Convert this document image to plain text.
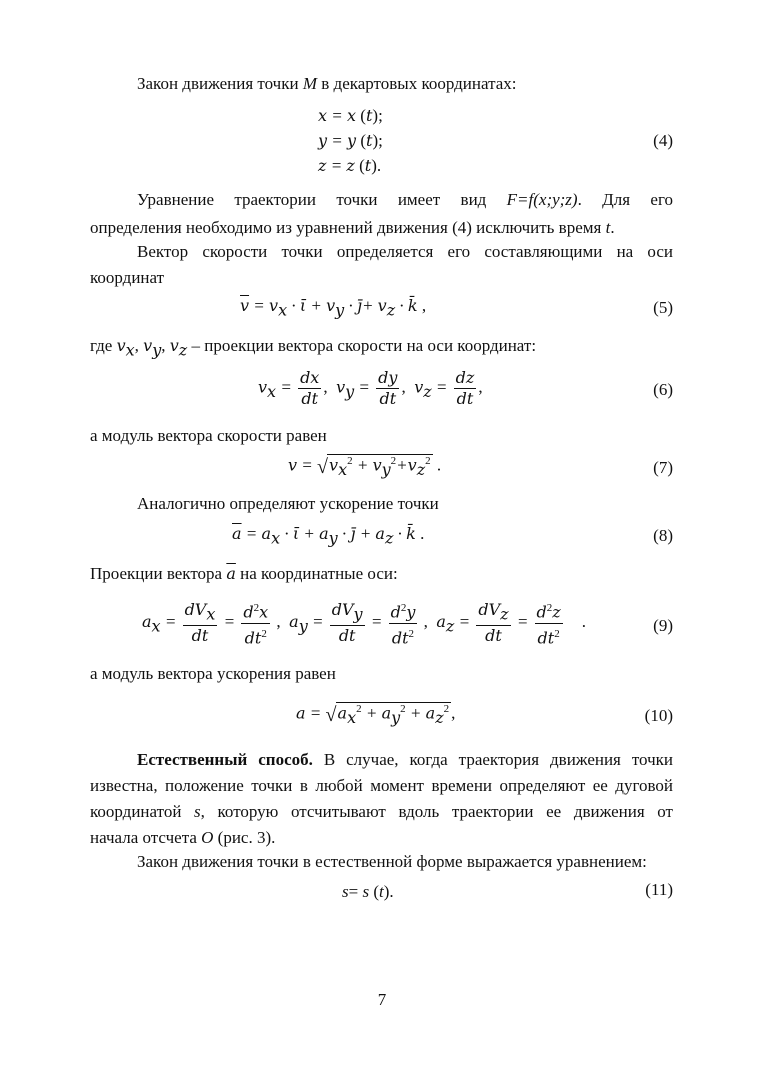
Закон движения точки M в декартовых координатах:
x = x (t);
y = y (t);
z = z (t).
(4)
Уравнение траектории точки имеет вид F=f(x;y;z). Для его
определения необходимо из уравнений движения (4) исключить время t.
Вектор скорости точки определяется его составляющими на оси
координат
$\overline{v} = v_x$ · ῑ + $v_y$ · j̄+ $v_z$ · k̄ ,	(5)
где $v_x$, $v_y$, $v_z$ – проекции вектора скорости на оси координат:
$v_x = \frac{dx}{dt}$ , $v_y = \frac{dy}{dt}$ , $v_z = \frac{dz}{dt}$ ,	(6)
а модуль вектора скорости равен
$v = √v_x^2 + v_y^2+v_z^2$ .	(7)
Аналогично определяют ускорение точки
$\overline{a} = a_x$ · ῑ + $a_y$ · j̄ + $a_z$ · k̄ .	(8)
Проекции вектора $\overline{a}$ на координатные оси:
$a_x = \frac{dV_x}{dt} = \frac{d^2x}{dt^2}$ , $a_y = \frac{dV_y}{dt} = \frac{d^2y}{dt^2}$ , $a_z = \frac{dV_z}{dt} = \frac{d^2z}{dt^2}$ .	(9)
а модуль вектора ускорения равен
$a = √a_x^2 + a_y^2 + a_z^2$ ,	(10)
Естественный способ. В случае, когда траектория движения точки
известна, положение точки в любой момент времени определяют ее дуговой
координатой s, которую отсчитывают вдоль траектории ее движения от
начала отсчета O (рис. 3).
Закон движения точки в естественной форме выражается уравнением:
s= s (t).	(11)
7
